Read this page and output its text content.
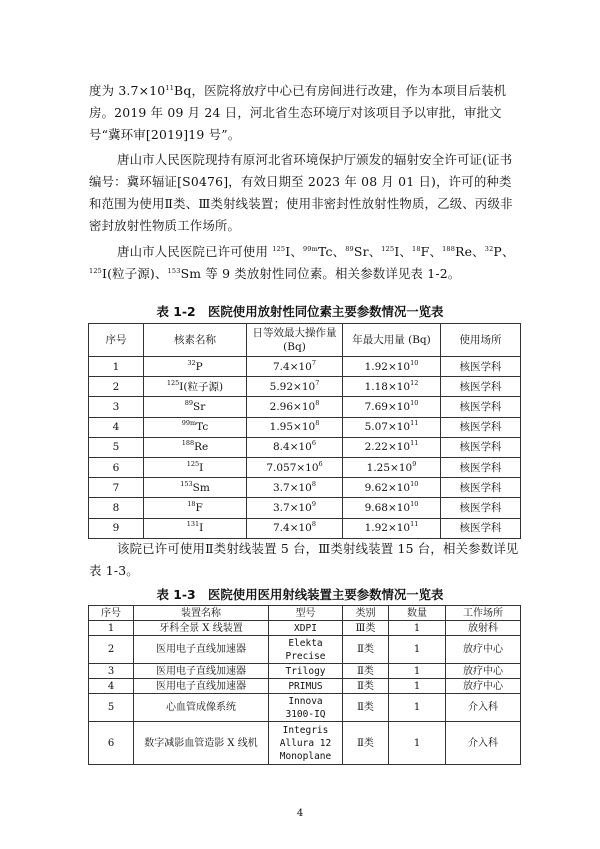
度为 $3.7\times 10^{11}Bq$，医院将放疗中心已有房间进行改建，作为本项目后装机房。2019 年 09 月 24 日，河北省生态环境厅对该项目予以审批，审批文号“冀环审[2019]19 号”。

唐山市人民医院现持有原河北省环境保护厅颁发的辐射安全许可证(证书编号：冀环辐证[S0476]，有效日期至 2023 年 08 月 01 日)，许可的种类和范围为使用Ⅱ类、Ⅲ类射线装置；使用非密封性放射性物质，乙级、丙级非密封放射性物质工作场所。

唐山市人民医院已许可使用 $^{125}$Ⅰ、$^{99m}$Tc、$^{89}$Sr、$^{125}$Ⅰ、$^{18}$F、$^{188}$Re、$^{32}$P、$^{125}$Ⅰ(粒子源)、$^{153}$Sm 等 9 类放射性同位素。相关参数详见表 1-2。

表 1-2　医院使用放射性同位素主要参数情况一览表

序号	核素名称	日等效最大操作量 (Bq)	年最大用量 (Bq)	使用场所
1	$^{32}$P	$7.4\times 10^7$	$1.92\times 10^{10}$	核医学科
2	$^{125}$I(粒子源)	$5.92\times 10^7$	$1.18\times 10^{12}$	核医学科
3	$^{89}$Sr	$2.96\times 10^8$	$7.69\times 10^{10}$	核医学科
4	$^{99m}$Tc	$1.95\times 10^8$	$5.07\times 10^{11}$	核医学科
5	$^{188}$Re	$8.4\times 10^6$	$2.22\times 10^{11}$	核医学科
6	$^{125}$I	$7.057\times 10^6$	$1.25\times 10^9$	核医学科
7	$^{153}$Sm	$3.7\times 10^8$	$9.62\times 10^{10}$	核医学科
8	$^{18}$F	$3.7\times 10^9$	$9.68\times 10^{10}$	核医学科
9	$^{131}$I	$7.4\times 10^8$	$1.92\times 10^{11}$	核医学科

该院已许可使用Ⅱ类射线装置 5 台，Ⅲ类射线装置 15 台，相关参数详见表 1-3。

表 1-3　医院使用医用射线装置主要参数情况一览表

序号	装置名称	型号	类别	数量	工作场所
1	牙科全景 X 线装置	XDPI	Ⅲ类	1	放射科
2	医用电子直线加速器	Elekta
Precise	Ⅱ类	1	放疗中心
3	医用电子直线加速器	Trilogy	Ⅱ类	1	放疗中心
4	医用电子直线加速器	PRIMUS	Ⅱ类	1	放疗中心
5	心血管成像系统	Innova
3100-IQ	Ⅱ类	1	介入科
6	数字减影血管造影 X 线机	Integris
Allura 12
Monoplane	Ⅱ类	1	介入科

4
